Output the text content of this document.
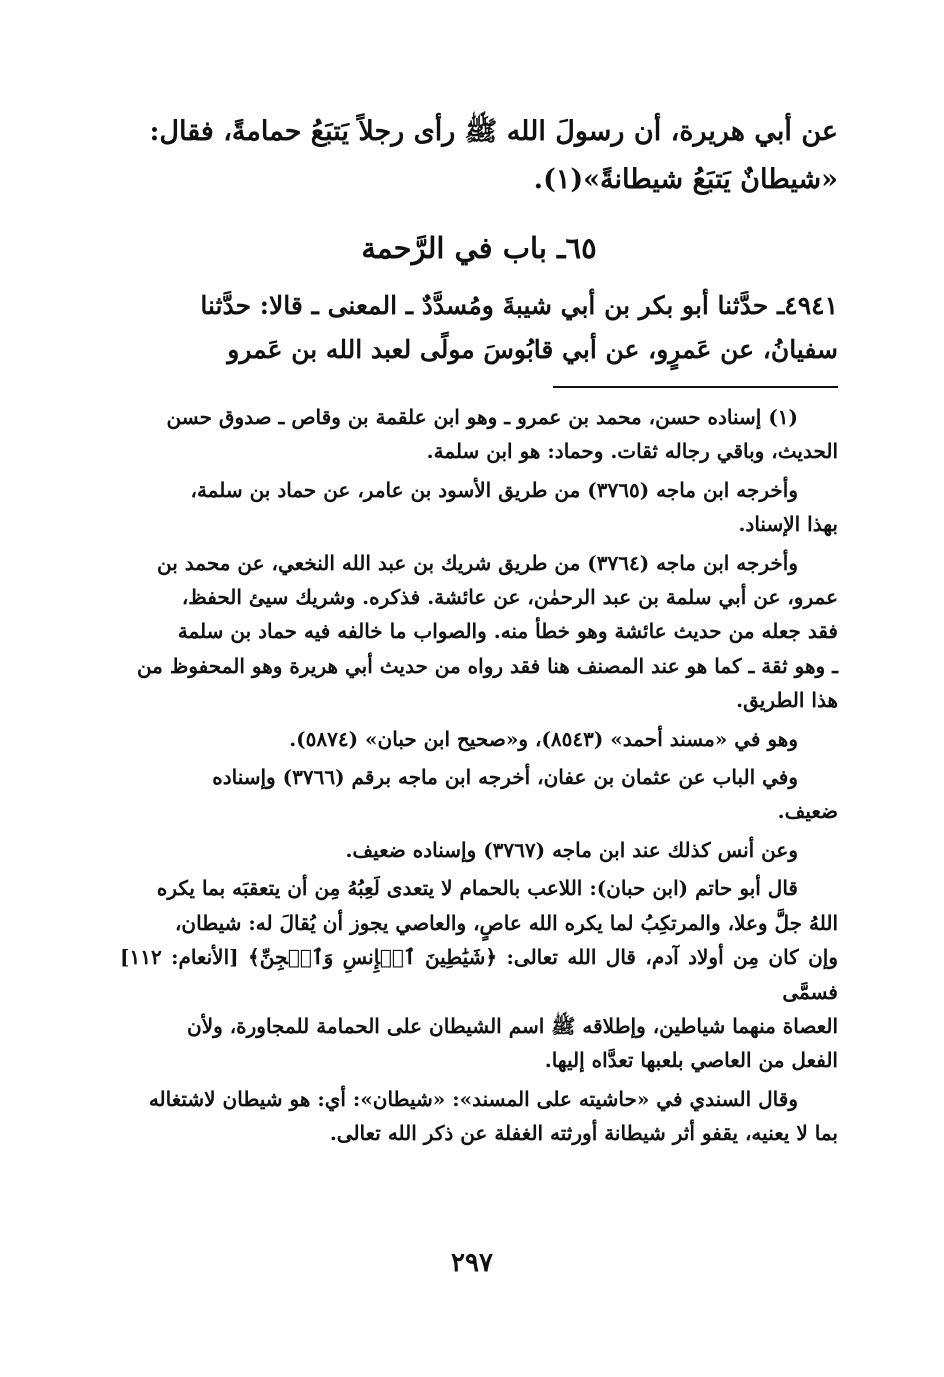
عن أبي هريرة، أن رسولَ الله ﷺ رأى رجلاً يَتبَعُ حمامةً، فقال:

«شيطانٌ يَتبَعُ شيطانةً»(١).

٦٥ـ باب في الرَّحمة

٤٩٤١ـ حدَّثنا أبو بكر بن أبي شيبةَ ومُسدَّدٌ ـ المعنى ـ قالا: حدَّثنا

سفيانُ، عن عَمرٍو، عن أبي قابُوسَ مولًى لعبد الله بن عَمرو

(١) إسناده حسن، محمد بن عمرو ـ وهو ابن علقمة بن وقاص ـ صدوق حسن
الحديث، وباقي رجاله ثقات. وحماد: هو ابن سلمة.

وأخرجه ابن ماجه (٣٧٦٥) من طريق الأسود بن عامر، عن حماد بن سلمة،
بهذا الإسناد.

وأخرجه ابن ماجه (٣٧٦٤) من طريق شريك بن عبد الله النخعي، عن محمد بن
عمرو، عن أبي سلمة بن عبد الرحمٰن، عن عائشة. فذكره. وشريك سيئ الحفظ،
فقد جعله من حديث عائشة وهو خطأ منه. والصواب ما خالفه فيه حماد بن سلمة
ـ وهو ثقة ـ كما هو عند المصنف هنا فقد رواه من حديث أبي هريرة وهو المحفوظ من
هذا الطريق.

وهو في «مسند أحمد» (٨٥٤٣)، و«صحيح ابن حبان» (٥٨٧٤).

وفي الباب عن عثمان بن عفان، أخرجه ابن ماجه برقم (٣٧٦٦) وإسناده
ضعيف.

وعن أنس كذلك عند ابن ماجه (٣٧٦٧) وإسناده ضعيف.

قال أبو حاتم (ابن حبان): اللاعب بالحمام لا يتعدى لَعِبُهُ مِن أن يتعقبَه بما يكره
اللهُ جلَّ وعلا، والمرتكِبُ لما يكره الله عاصٍ، والعاصي يجوز أن يُقالَ له: شيطان،
وإن كان مِن أولاد آدم، قال الله تعالى: ﴿شَيَٰطِينَ ٱلۡإِنسِ وَٱلۡجِنِّ﴾ [الأنعام: ١١٢] فسمَّى
العصاة منهما شياطين، وإطلاقه ﷺ اسم الشيطان على الحمامة للمجاورة، ولأن
الفعل من العاصي بلعبها تعدَّاه إليها.

وقال السندي في «حاشيته على المسند»: «شيطان»: أي: هو شيطان لاشتغاله
بما لا يعنيه، يقفو أثر شيطانة أورثته الغفلة عن ذكر الله تعالى.

٢٩٧
